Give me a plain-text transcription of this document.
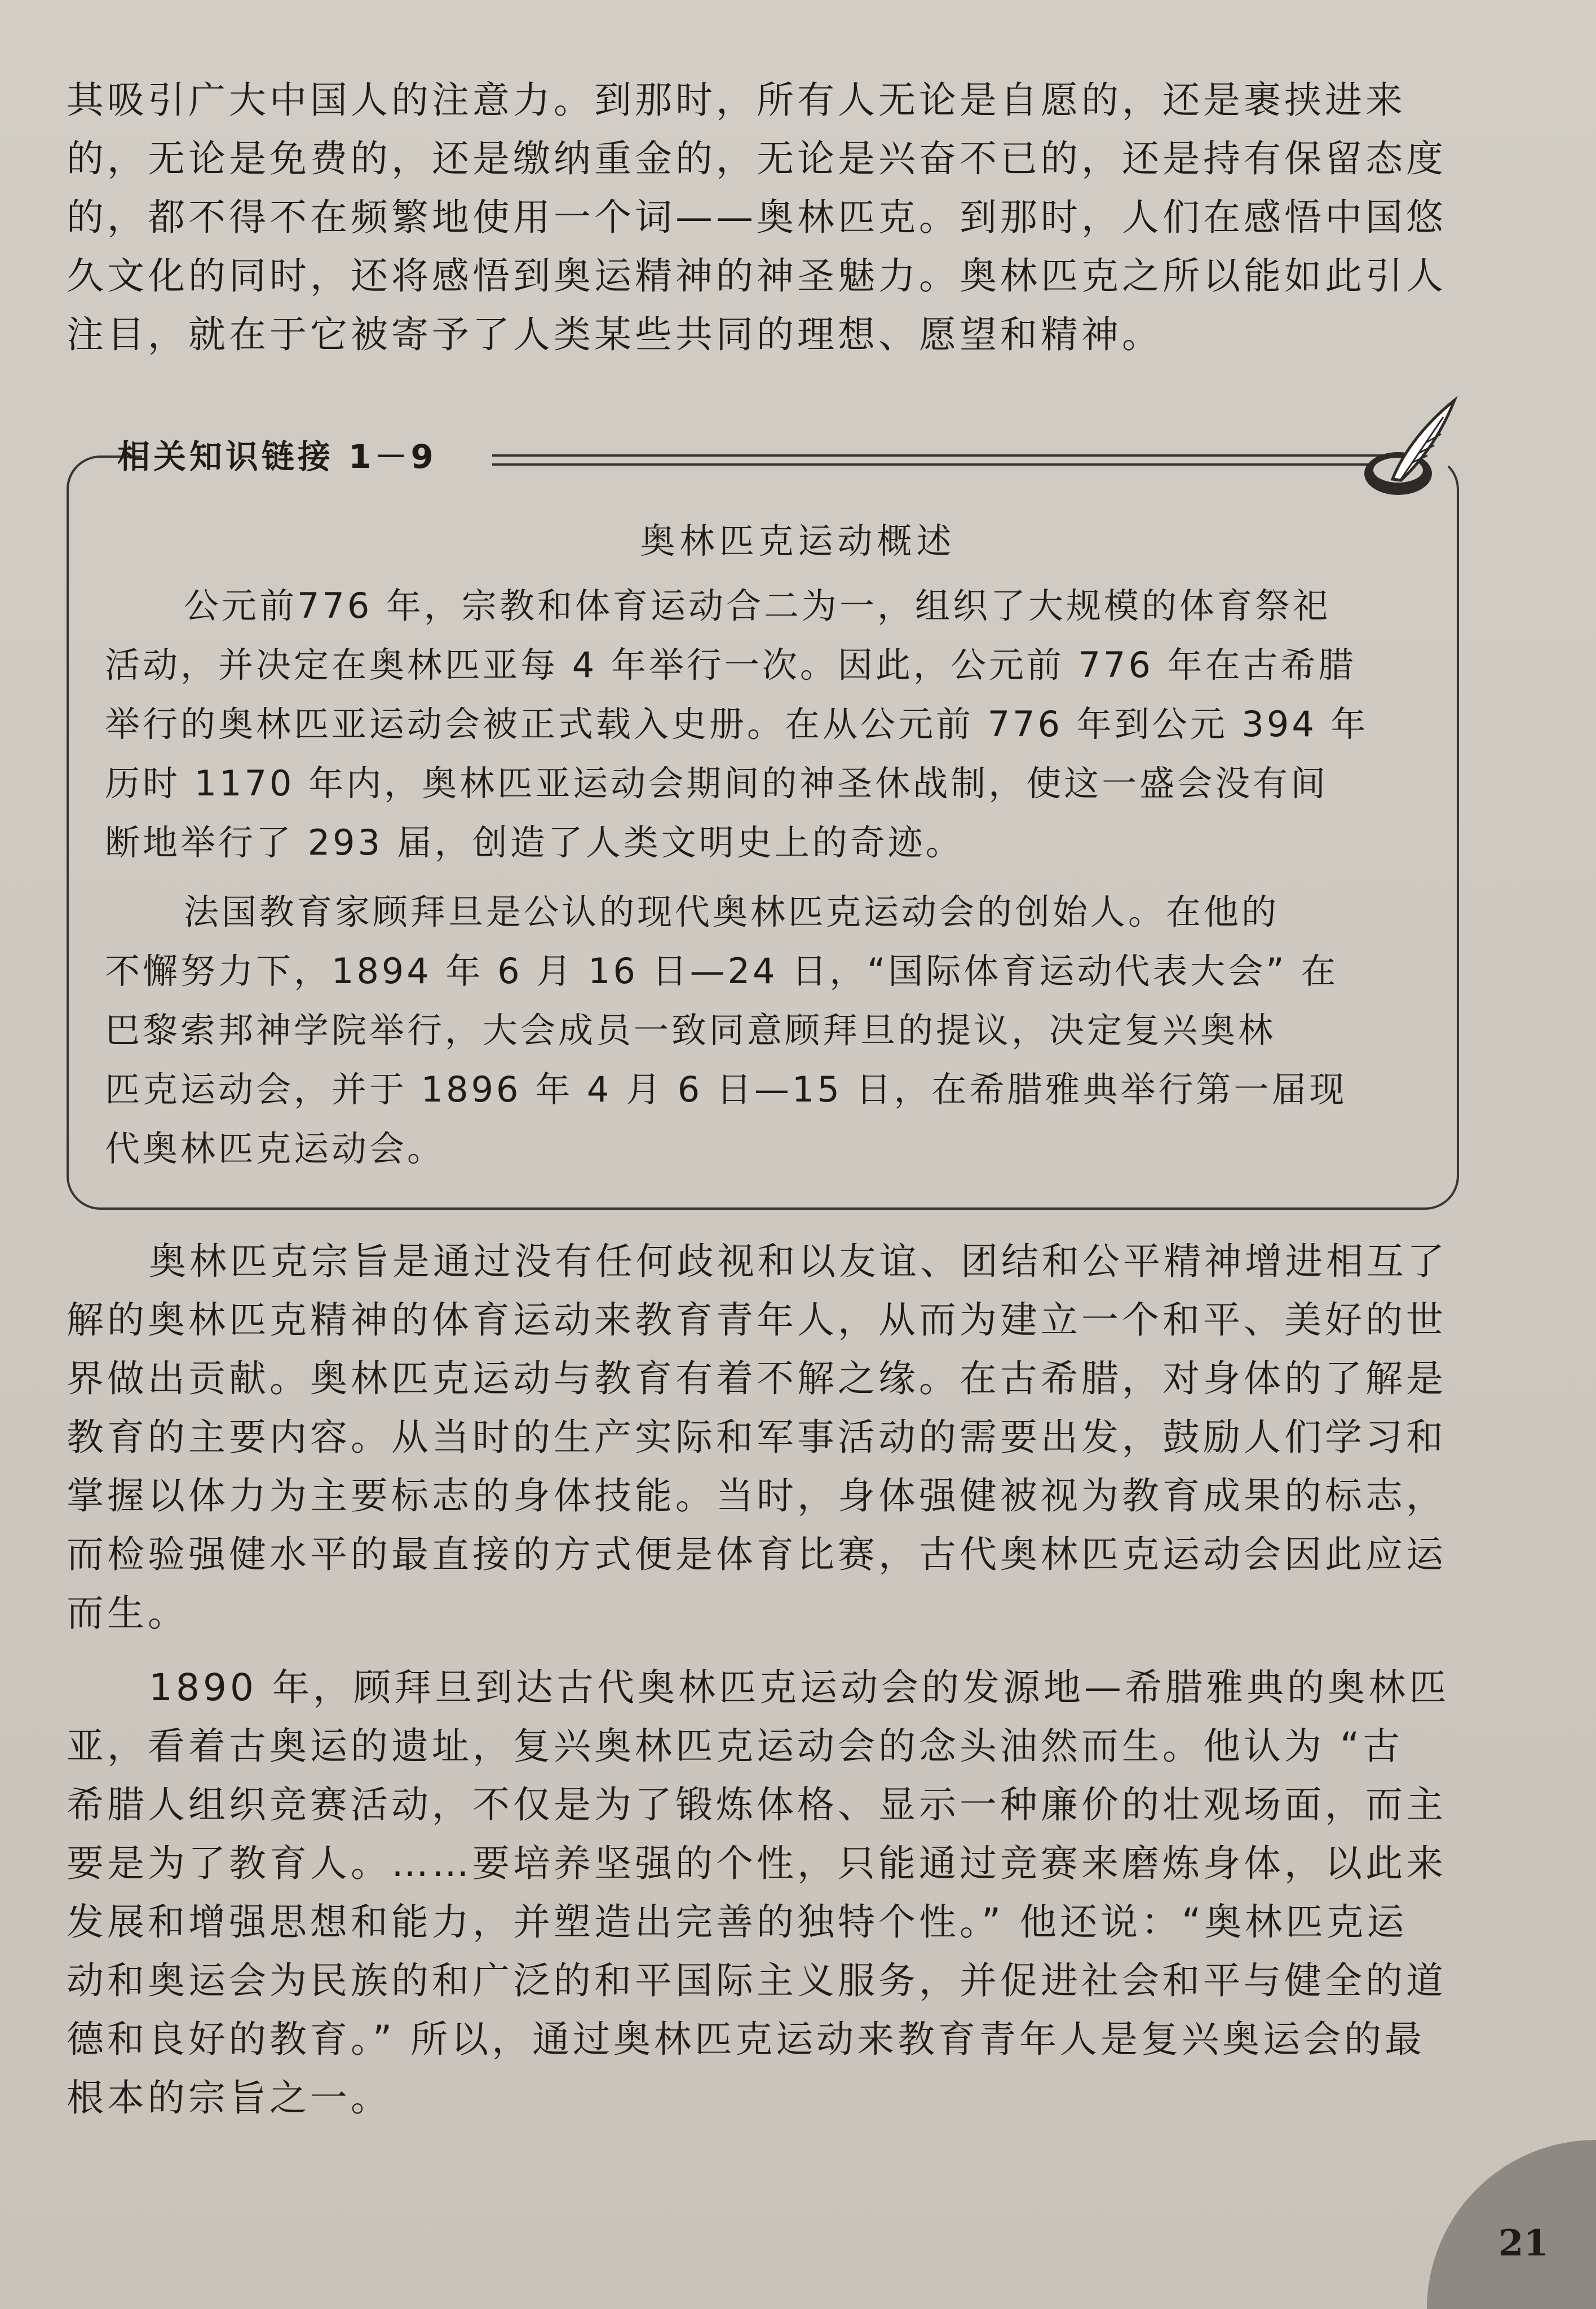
其吸引广大中国人的注意力。到那时，所有人无论是自愿的，还是裹挟进来
的，无论是免费的，还是缴纳重金的，无论是兴奋不已的，还是持有保留态度
的，都不得不在频繁地使用一个词——奥林匹克。到那时，人们在感悟中国悠
久文化的同时，还将感悟到奥运精神的神圣魅力。奥林匹克之所以能如此引人
注目，就在于它被寄予了人类某些共同的理想、愿望和精神。
相关知识链接 1－9
奥林匹克运动概述
公元前776 年，宗教和体育运动合二为一，组织了大规模的体育祭祀
活动，并决定在奥林匹亚每 4 年举行一次。因此，公元前 776 年在古希腊
举行的奥林匹亚运动会被正式载入史册。在从公元前 776 年到公元 394 年
历时 1170 年内，奥林匹亚运动会期间的神圣休战制，使这一盛会没有间
断地举行了 293 届，创造了人类文明史上的奇迹。
法国教育家顾拜旦是公认的现代奥林匹克运动会的创始人。在他的
不懈努力下，1894 年 6 月 16 日—24 日，“国际体育运动代表大会” 在
巴黎索邦神学院举行，大会成员一致同意顾拜旦的提议，决定复兴奥林
匹克运动会，并于 1896 年 4 月 6 日—15 日，在希腊雅典举行第一届现
代奥林匹克运动会。
奥林匹克宗旨是通过没有任何歧视和以友谊、团结和公平精神增进相互了
解的奥林匹克精神的体育运动来教育青年人，从而为建立一个和平、美好的世
界做出贡献。奥林匹克运动与教育有着不解之缘。在古希腊，对身体的了解是
教育的主要内容。从当时的生产实际和军事活动的需要出发，鼓励人们学习和
掌握以体力为主要标志的身体技能。当时，身体强健被视为教育成果的标志，
而检验强健水平的最直接的方式便是体育比赛，古代奥林匹克运动会因此应运
而生。
1890 年，顾拜旦到达古代奥林匹克运动会的发源地—希腊雅典的奥林匹
亚，看着古奥运的遗址，复兴奥林匹克运动会的念头油然而生。他认为 “古
希腊人组织竞赛活动，不仅是为了锻炼体格、显示一种廉价的壮观场面，而主
要是为了教育人。……要培养坚强的个性，只能通过竞赛来磨炼身体，以此来
发展和增强思想和能力，并塑造出完善的独特个性。” 他还说：“奥林匹克运
动和奥运会为民族的和广泛的和平国际主义服务，并促进社会和平与健全的道
德和良好的教育。” 所以，通过奥林匹克运动来教育青年人是复兴奥运会的最
根本的宗旨之一。
21
